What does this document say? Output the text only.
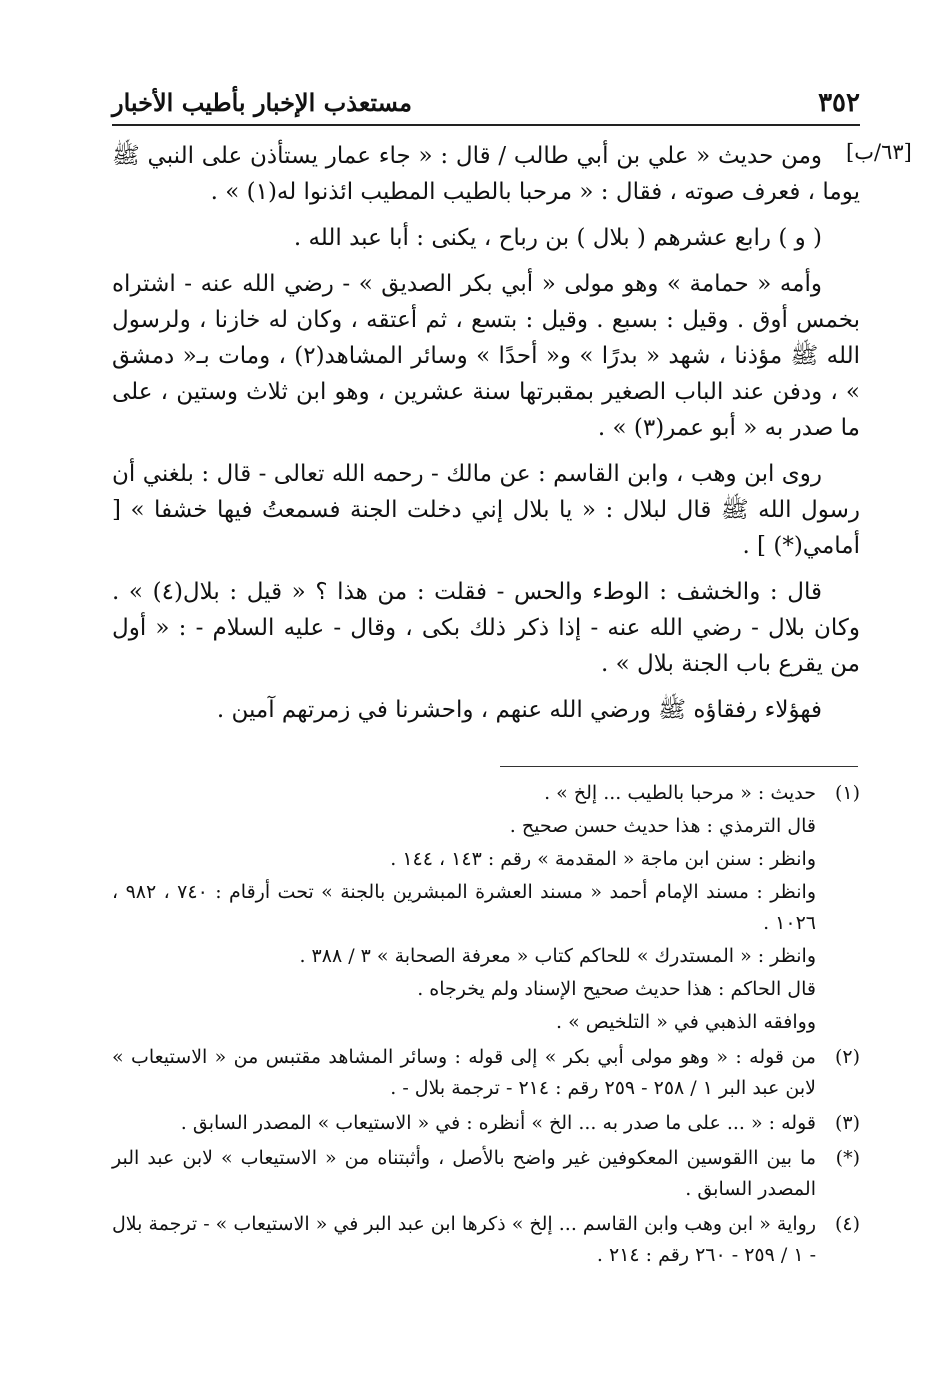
٣٥٢
مستعذب الإخبار بأطيب الأخبار
[٦٣/ب]

ومن حديث « علي بن أبي طالب / قال : « جاء عمار يستأذن على النبي ﷺ يوما ، فعرف صوته ، فقال : « مرحبا بالطيب المطيب ائذنوا له(١) » .

( و ) رابع عشرهم ( بلال ) بن رباح ، يكنى : أبا عبد الله .

وأمه « حمامة » وهو مولى « أبي بكر الصديق » - رضي الله عنه - اشتراه بخمس أوق . وقيل : بسبع . وقيل : بتسع ، ثم أعتقه ، وكان له خازنا ، ولرسول الله ﷺ مؤذنا ، شهد « بدرًا » و« أحدًا » وسائر المشاهد(٢) ، ومات بـ« دمشق » ، ودفن عند الباب الصغير بمقبرتها سنة عشرين ، وهو ابن ثلاث وستين ، على ما صدر به « أبو عمر(٣) » .

روى ابن وهب ، وابن القاسم : عن مالك - رحمه الله تعالى - قال : بلغني أن رسول الله ﷺ قال لبلال : « يا بلال إني دخلت الجنة فسمعتُ فيها خشفا » [ أمامي(*) ] .

قال : والخشف : الوطء والحس - فقلت : من هذا ؟ « قيل : بلال(٤) » . وكان بلال - رضي الله عنه - إذا ذكر ذلك بكى ، وقال - عليه السلام - : « أول من يقرع باب الجنة بلال » .

فهؤلاء رفقاؤه ﷺ ورضي الله عنهم ، واحشرنا في زمرتهم آمين .

(١)
حديث : « مرحبا بالطيب ... إلخ » .
قال الترمذي : هذا حديث حسن صحيح .
وانظر : سنن ابن ماجة « المقدمة » رقم : ١٤٣ ، ١٤٤ .
وانظر : مسند الإمام أحمد « مسند العشرة المبشرين بالجنة » تحت أرقام : ٧٤٠ ، ٩٨٢ ، ١٠٢٦ .
وانظر : « المستدرك » للحاكم كتاب « معرفة الصحابة » ٣ / ٣٨٨ .
قال الحاكم : هذا حديث صحيح الإسناد ولم يخرجاه .
ووافقه الذهبي في « التلخيص » .
(٢)
من قوله : « وهو مولى أبي بكر » إلى قوله : وسائر المشاهد مقتبس من « الاستيعاب » لابن عبد البر ١ / ٢٥٨ - ٢٥٩ رقم : ٢١٤ - ترجمة بلال - .
(٣)
قوله : « ... على ما صدر به ... الخ » أنظره : في « الاستيعاب » المصدر السابق .
(*)
ما بين االقوسين المعكوفين غير واضح بالأصل ، وأثبتناه من « الاستيعاب » لابن عبد البر المصدر السابق .
(٤)
رواية « ابن وهب وابن القاسم ... إلخ » ذكرها ابن عبد البر في « الاستيعاب » - ترجمة بلال - ١ / ٢٥٩ - ٢٦٠ رقم : ٢١٤ .
